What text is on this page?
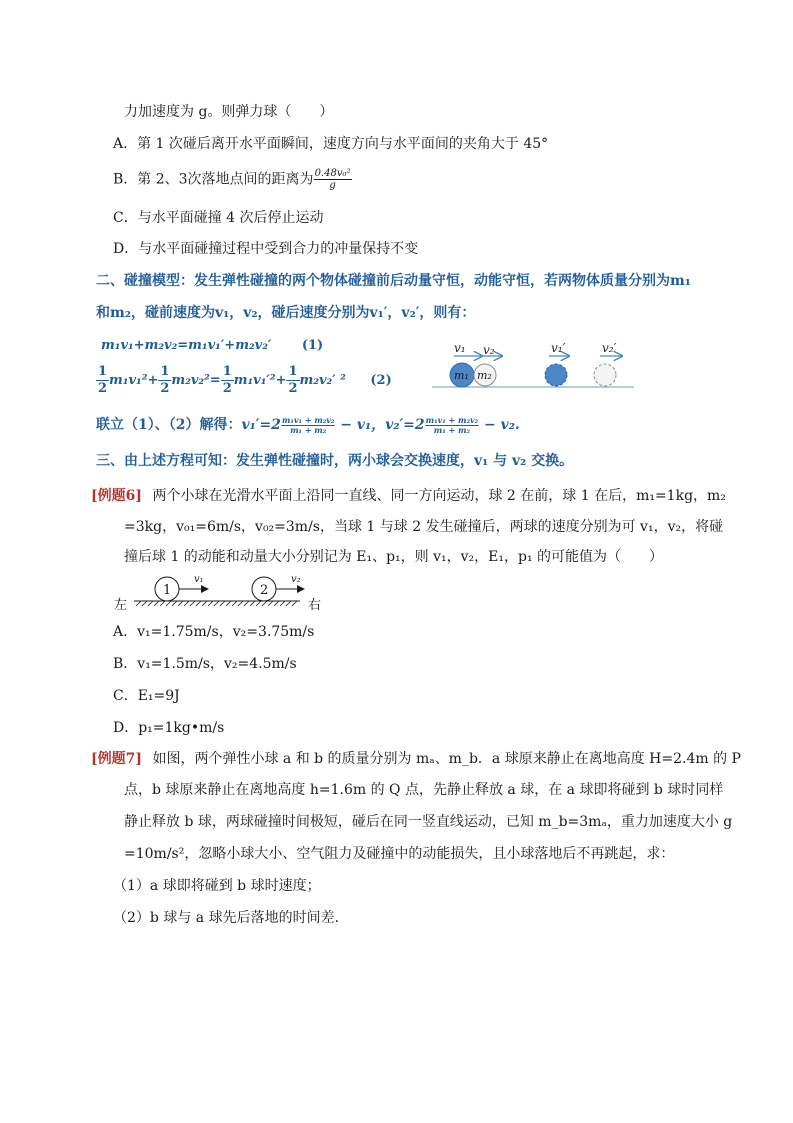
力加速度为 g。则弹力球（　　）
A．第 1 次碰后离开水平面瞬间，速度方向与水平面间的夹角大于 45°
B．第 2、3次落地点间的距离为 $\frac{\text{0.48v₀²}}{g}$
C．与水平面碰撞 4 次后停止运动
D．与水平面碰撞过程中受到合力的冲量保持不变
二、碰撞模型：发生弹性碰撞的两个物体碰撞前后动量守恒，动能守恒，若两物体质量分别为m₁
和m₂，碰前速度为v₁，v₂，碰后速度分别为v₁′，v₂′，则有：
m₁v₁+m₂v₂=m₁v₁′+m₂v₂′ (1)
$\frac{1}{2} m_1v_1^2+ \frac{1}{2} m_2v_2^2= \frac{1}{2} m_1v_1'^2+ \frac{1}{2} m_2v_2'$ ² (2)
v₁ v₂
m₁ m₂
v₁′	v₂′
联立（1）、（2）解得：$v_1'=2 \frac{\text{m₁v₁ + m₂v₂}}{\text{m₁ + m₂}} - v_1$，$v_2'=2 \frac{\text{m₁v₁ + m₂v₂}}{\text{m₁ + m₂}} - v_2$.
三、由上述方程可知：发生弹性碰撞时，两小球会交换速度，v₁ 与 v₂ 交换。
[例题6] 两个小球在光滑水平面上沿同一直线、同一方向运动，球 2 在前，球 1 在后，m₁=1kg，m₂
=3kg，v₀₁=6m/s，v₀₂=3m/s，当球 1 与球 2 发生碰撞后，两球的速度分别为可 v₁，v₂，将碰
撞后球 1 的动能和动量大小分别记为 E₁、p₁，则 v₁，v₂，E₁，p₁ 的可能值为（　　）
左	右
1
v₁
2
v₂
A．v₁=1.75m/s，v₂=3.75m/s
B．v₁=1.5m/s，v₂=4.5m/s
C．E₁=9J
D．p₁=1kg•m/s
[例题7] 如图，两个弹性小球 a 和 b 的质量分别为 mₐ、m_b．a 球原来静止在离地高度 H=2.4m 的 P
点，b 球原来静止在离地高度 h=1.6m 的 Q 点，先静止释放 a 球，在 a 球即将碰到 b 球时同样
静止释放 b 球，两球碰撞时间极短，碰后在同一竖直线运动，已知 m_b=3mₐ，重力加速度大小 g
=10m/s²，忽略小球大小、空气阻力及碰撞中的动能损失，且小球落地后不再跳起，求：
（1）a 球即将碰到 b 球时速度；
（2）b 球与 a 球先后落地的时间差．
